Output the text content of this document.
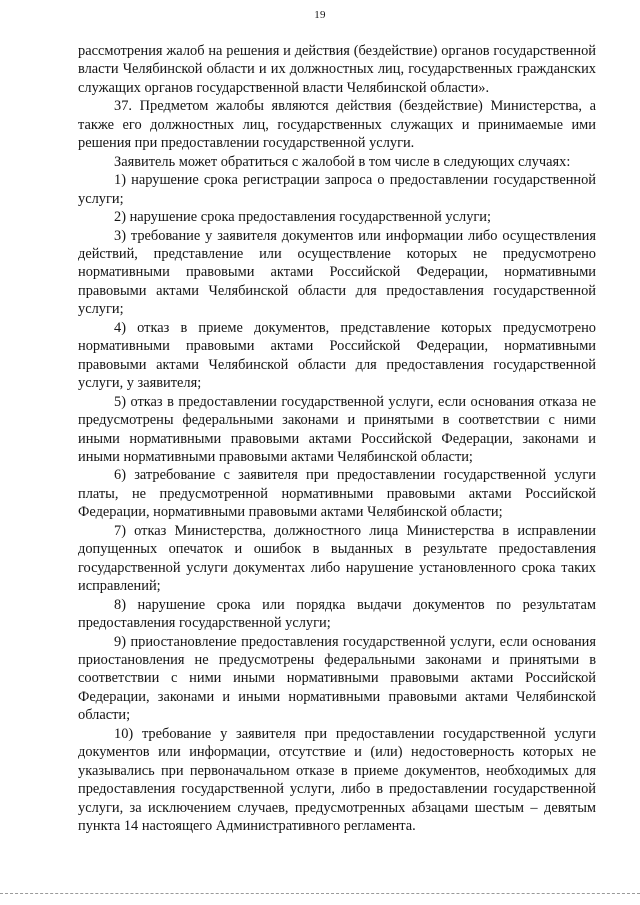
19

рассмотрения жалоб на решения и действия (бездействие) органов государственной власти Челябинской области и их должностных лиц, государственных гражданских служащих органов государственной власти Челябинской области».

37. Предметом жалобы являются действия (бездействие) Министерства, а также его должностных лиц, государственных служащих и принимаемые ими решения при предоставлении государственной услуги.

Заявитель может обратиться с жалобой в том числе в следующих случаях:

1) нарушение срока регистрации запроса о предоставлении государственной услуги;

2) нарушение срока предоставления государственной услуги;

3) требование у заявителя документов или информации либо осуществления действий, представление или осуществление которых не предусмотрено нормативными правовыми актами Российской Федерации, нормативными правовыми актами Челябинской области для предоставления государственной услуги;

4) отказ в приеме документов, представление которых предусмотрено нормативными правовыми актами Российской Федерации, нормативными правовыми актами Челябинской области для предоставления государственной услуги, у заявителя;

5) отказ в предоставлении государственной услуги, если основания отказа не предусмотрены федеральными законами и принятыми в соответствии с ними иными нормативными правовыми актами Российской Федерации, законами и иными нормативными правовыми актами Челябинской области;

6) затребование с заявителя при предоставлении государственной услуги платы, не предусмотренной нормативными правовыми актами Российской Федерации, нормативными правовыми актами Челябинской области;

7) отказ Министерства, должностного лица Министерства в исправлении допущенных опечаток и ошибок в выданных в результате предоставления государственной услуги документах либо нарушение установленного срока таких исправлений;

8) нарушение срока или порядка выдачи документов по результатам предоставления государственной услуги;

9) приостановление предоставления государственной услуги, если основания приостановления не предусмотрены федеральными законами и принятыми в соответствии с ними иными нормативными правовыми актами Российской Федерации, законами и иными нормативными правовыми актами Челябинской области;

10) требование у заявителя при предоставлении государственной услуги документов или информации, отсутствие и (или) недостоверность которых не указывались при первоначальном отказе в приеме документов, необходимых для предоставления государственной услуги, либо в предоставлении государственной услуги, за исключением случаев, предусмотренных абзацами шестым – девятым пункта 14 настоящего Административного регламента.
